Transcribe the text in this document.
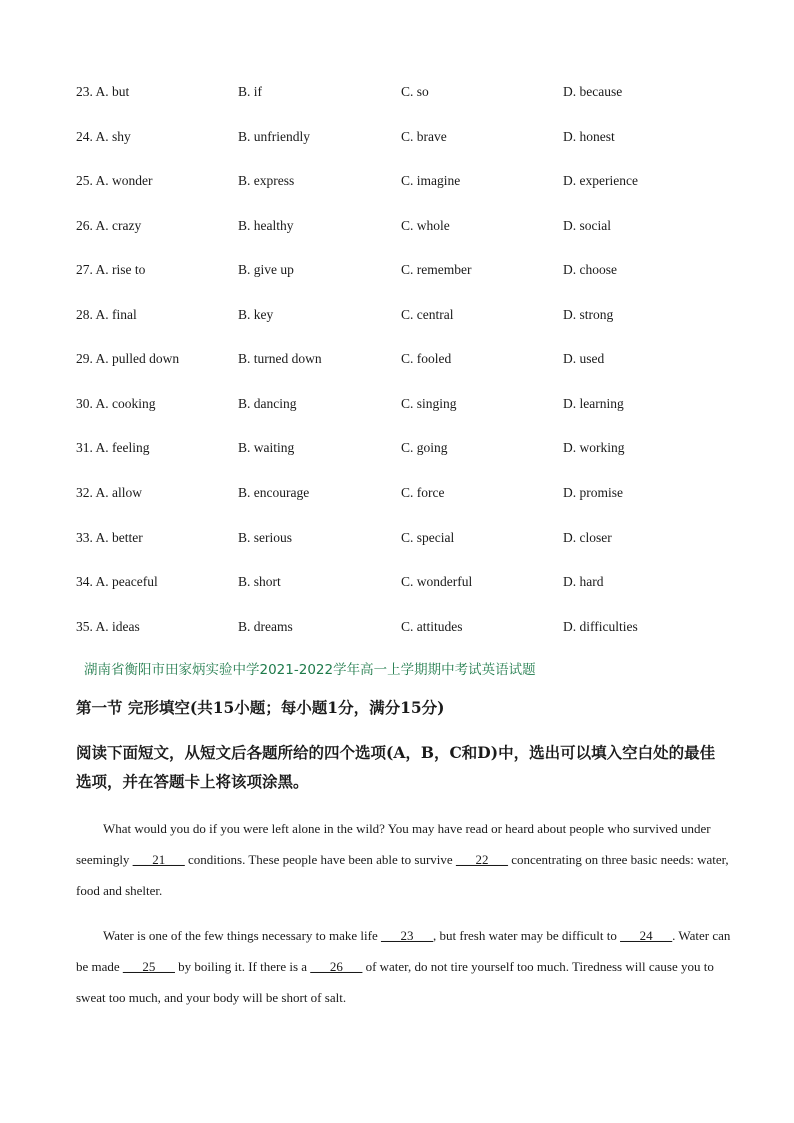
23. A. but	B. if	C. so	D. because
24. A. shy	B. unfriendly	C. brave	D. honest
25. A. wonder	B. express	C. imagine	D. experience
26. A. crazy	B. healthy	C. whole	D. social
27. A. rise to	B. give up	C. remember	D. choose
28. A. final	B. key	C. central	D. strong
29. A. pulled down	B. turned down	C. fooled	D. used
30. A. cooking	B. dancing	C. singing	D. learning
31. A. feeling	B. waiting	C. going	D. working
32. A. allow	B. encourage	C. force	D. promise
33. A. better	B. serious	C. special	D. closer
34. A. peaceful	B. short	C. wonderful	D. hard
35. A. ideas	B. dreams	C. attitudes	D. difficulties
湖南省衡阳市田家炳实验中学2021-2022学年高一上学期期中考试英语试题
第一节 完形填空(共15小题；每小题1分，满分15分)
阅读下面短文，从短文后各题所给的四个选项(A，B，C和D)中，选出可以填入空白处的最佳选项，并在答题卡上将该项涂黑。

What would you do if you were left alone in the wild? You may have read or heard about people who survived under seemingly ___21___ conditions. These people have been able to survive ___22___ concentrating on three basic needs: water, food and shelter.

Water is one of the few things necessary to make life ___23___, but fresh water may be difficult to ___24___. Water can be made ___25___ by boiling it. If there is a ___26___ of water, do not tire yourself too much. Tiredness will cause you to sweat too much, and your body will be short of salt.
